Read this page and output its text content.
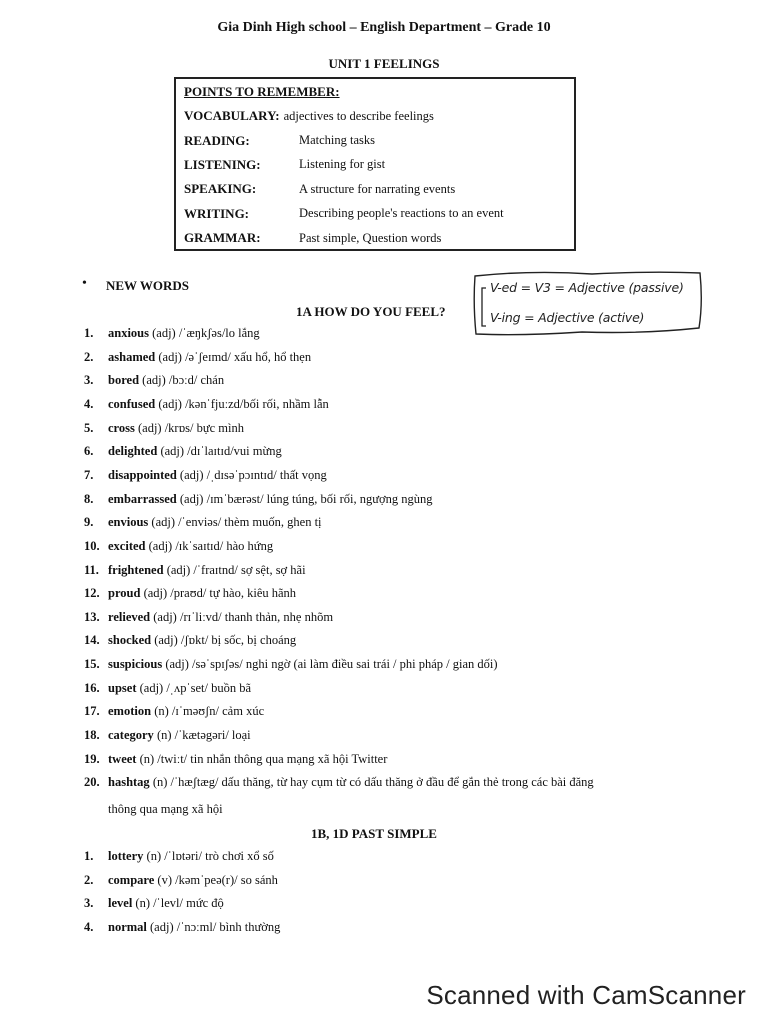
Gia Dinh High school – English Department – Grade 10
UNIT 1 FEELINGS
POINTS TO REMEMBER:
VOCABULARY: adjectives to describe feelings
READING:	Matching tasks
LISTENING:	Listening for gist
SPEAKING:	A structure for narrating events
WRITING:	Describing people's reactions to an event
GRAMMAR:	Past simple, Question words
• NEW WORDS	V-ed = V3 = Adjective (passive)
V-ing = Adjective (active)
1A HOW DO YOU FEEL?
1. anxious (adj) /ˈæŋkʃəs/lo lắng
2. ashamed (adj) /əˈʃeɪmd/ xấu hổ, hổ thẹn
3. bored (adj) /bɔːd/ chán
4. confused (adj) /kənˈfjuːzd/bối rối, nhầm lẫn
5. cross (adj) /krɒs/ bực mình
6. delighted (adj) /dɪˈlaɪtɪd/vui mừng
7. disappointed (adj) /ˌdɪsəˈpɔɪntɪd/ thất vọng
8. embarrassed (adj) /ɪmˈbærəst/ lúng túng, bối rối, ngượng ngùng
9. envious (adj) /ˈenviəs/ thèm muốn, ghen tị
10. excited (adj) /ɪkˈsaɪtɪd/ hào hứng
11. frightened (adj) /ˈfraɪtnd/ sợ sệt, sợ hãi
12. proud (adj) /praʊd/ tự hào, kiêu hãnh
13. relieved (adj) /rɪˈliːvd/ thanh thản, nhẹ nhõm
14. shocked (adj) /ʃɒkt/ bị sốc, bị choáng
15. suspicious (adj) /səˈspɪʃəs/ nghi ngờ (ai làm điều sai trái / phi pháp / gian dối)
16. upset (adj) /ˌʌpˈset/ buồn bã
17. emotion (n) /ɪˈməʊʃn/ cảm xúc
18. category (n) /ˈkætəgəri/ loại
19. tweet (n) /twiːt/ tin nhắn thông qua mạng xã hội Twitter
20. hashtag (n) /ˈhæʃtæg/ dấu thăng, từ hay cụm từ có dấu thăng ở đầu để gắn thẻ trong các bài đăng
thông qua mạng xã hội
1B, 1D PAST SIMPLE
1. lottery (n) /ˈlɒtəri/ trò chơi xổ số
2. compare (v) /kəmˈpeə(r)/ so sánh
3. level (n) /ˈlevl/ mức độ
4. normal (adj) /ˈnɔːml/ bình thường
Scanned with CamScanner
